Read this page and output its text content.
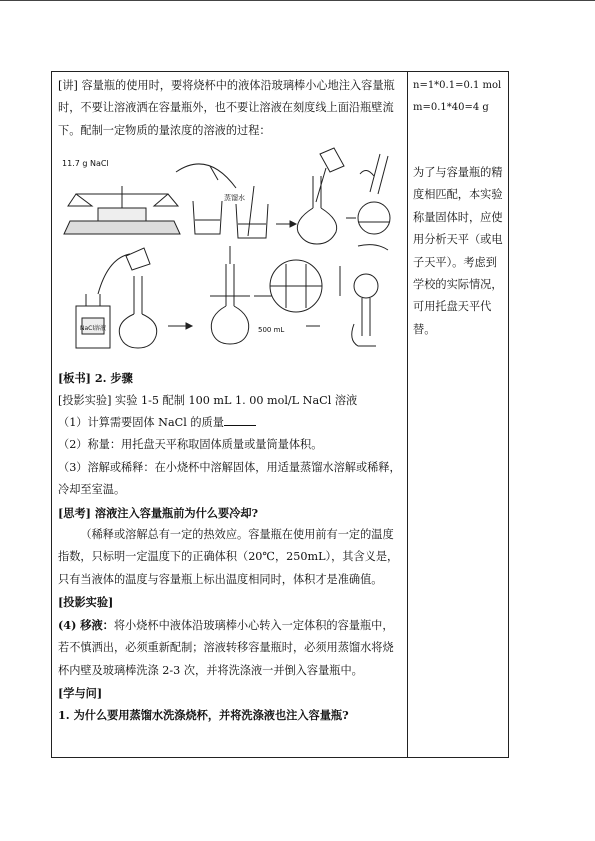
[讲] 容量瓶的使用时，要将烧杯中的液体沿玻璃棒小心地注入容量瓶时，不要让溶液洒在容量瓶外，也不要让溶液在刻度线上面沿瓶壁流下。配制一定物质的量浓度的溶液的过程：

11.7 g NaCl
蒸馏水
NaCl溶液	500 mL

[板书] 2. 步骤

[投影实验] 实验 1-5 配制 100 mL 1. 00 mol/L NaCl 溶液

（1）计算需要固体 NaCl 的质量

（2）称量：用托盘天平称取固体质量或量筒量体积。

（3）溶解或稀释：在小烧杯中溶解固体，用适量蒸馏水溶解或稀释，冷却至室温。

[思考] 溶液注入容量瓶前为什么要冷却?

（稀释或溶解总有一定的热效应。容量瓶在使用前有一定的温度指数，只标明一定温度下的正确体积（20℃，250mL），其含义是，只有当液体的温度与容量瓶上标出温度相同时，体积才是准确值。

[投影实验]

(4) 移液：将小烧杯中液体沿玻璃棒小心转入一定体积的容量瓶中，若不慎洒出，必须重新配制；溶液转移容量瓶时，必须用蒸馏水将烧杯内壁及玻璃棒洗涤 2-3 次，并将洗涤液一并倒入容量瓶中。

[学与问]

1. 为什么要用蒸馏水洗涤烧杯，并将洗涤液也注入容量瓶?

n=1*0.1=0.1 mol
m=0.1*40=4 g
为了与容量瓶的精度相匹配，本实验称量固体时，应使用分析天平（或电子天平）。考虑到学校的实际情况，可用托盘天平代替。
